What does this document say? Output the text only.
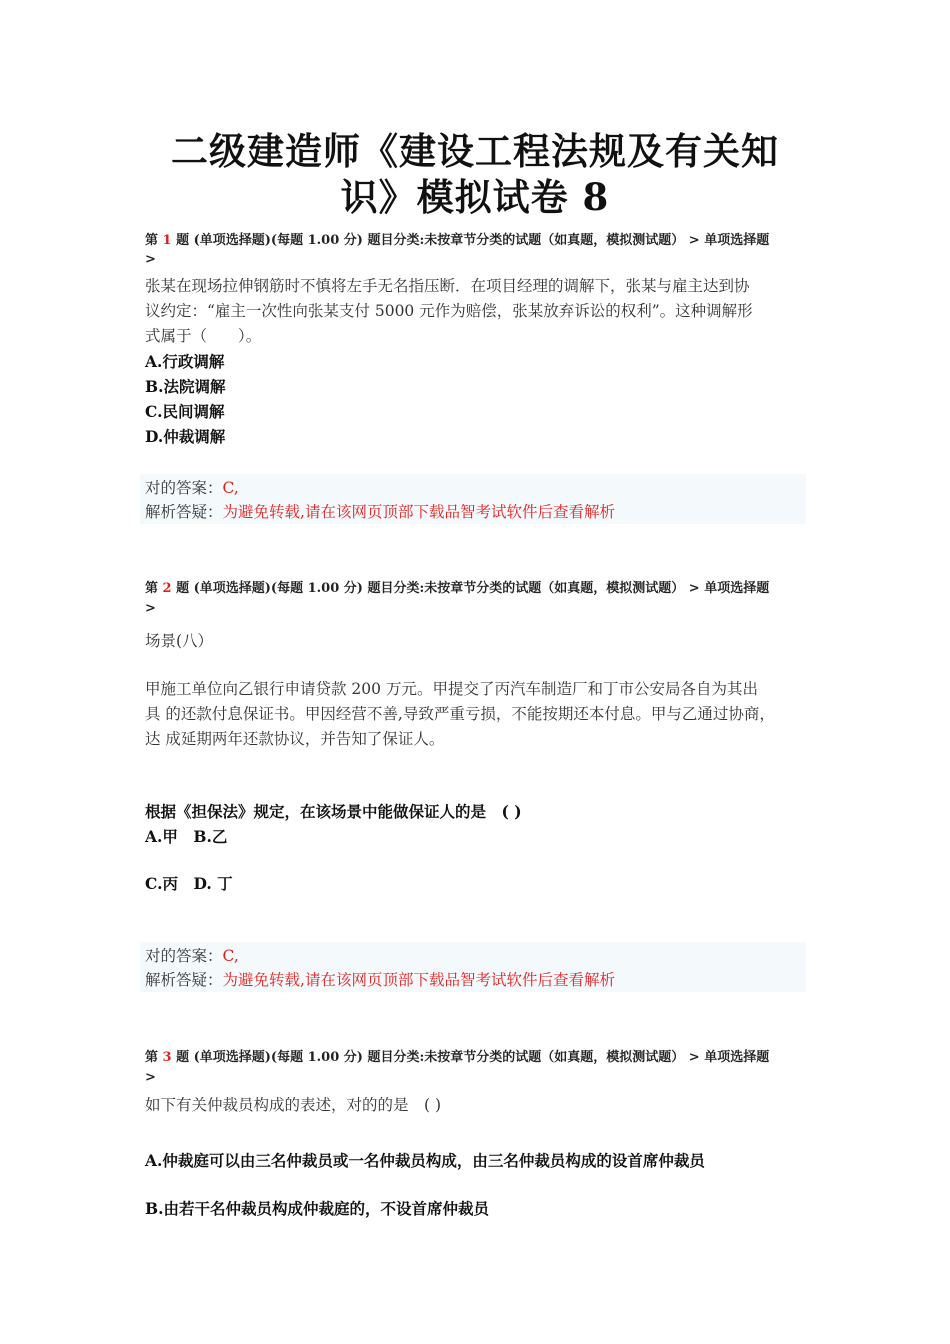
二级建造师《建设工程法规及有关知
识》模拟试卷 8
第 1 题 (单项选择题)(每题 1.00 分) 题目分类:未按章节分类的试题（如真题，模拟测试题） > 单项选择题
>
张某在现场拉伸钢筋时不慎将左手无名指压断．在项目经理的调解下，张某与雇主达到协
议约定：“雇主一次性向张某支付 5000 元作为赔偿，张某放弃诉讼的权利”。这种调解形
式属于（　　）。
A.行政调解
B.法院调解
C.民间调解
D.仲裁调解
对的答案：C,
解析答疑：为避免转载,请在该网页顶部下载品智考试软件后查看解析
第 2 题 (单项选择题)(每题 1.00 分) 题目分类:未按章节分类的试题（如真题，模拟测试题） > 单项选择题
>
场景(八）
甲施工单位向乙银行申请贷款 200 万元。甲提交了丙汽车制造厂和丁市公安局各自为其出
具 的还款付息保证书。甲因经营不善,导致严重亏损，不能按期还本付息。甲与乙通过协商，
达 成延期两年还款协议，并告知了保证人。
根据《担保法》规定，在该场景中能做保证人的是　( )
A.甲　B.乙
C.丙　D. 丁
对的答案：C,
解析答疑：为避免转载,请在该网页顶部下载品智考试软件后查看解析
第 3 题 (单项选择题)(每题 1.00 分) 题目分类:未按章节分类的试题（如真题，模拟测试题） > 单项选择题
>
如下有关仲裁员构成的表述，对的的是　( )
A.仲裁庭可以由三名仲裁员或一名仲裁员构成，由三名仲裁员构成的设首席仲裁员
B.由若干名仲裁员构成仲裁庭的，不设首席仲裁员
